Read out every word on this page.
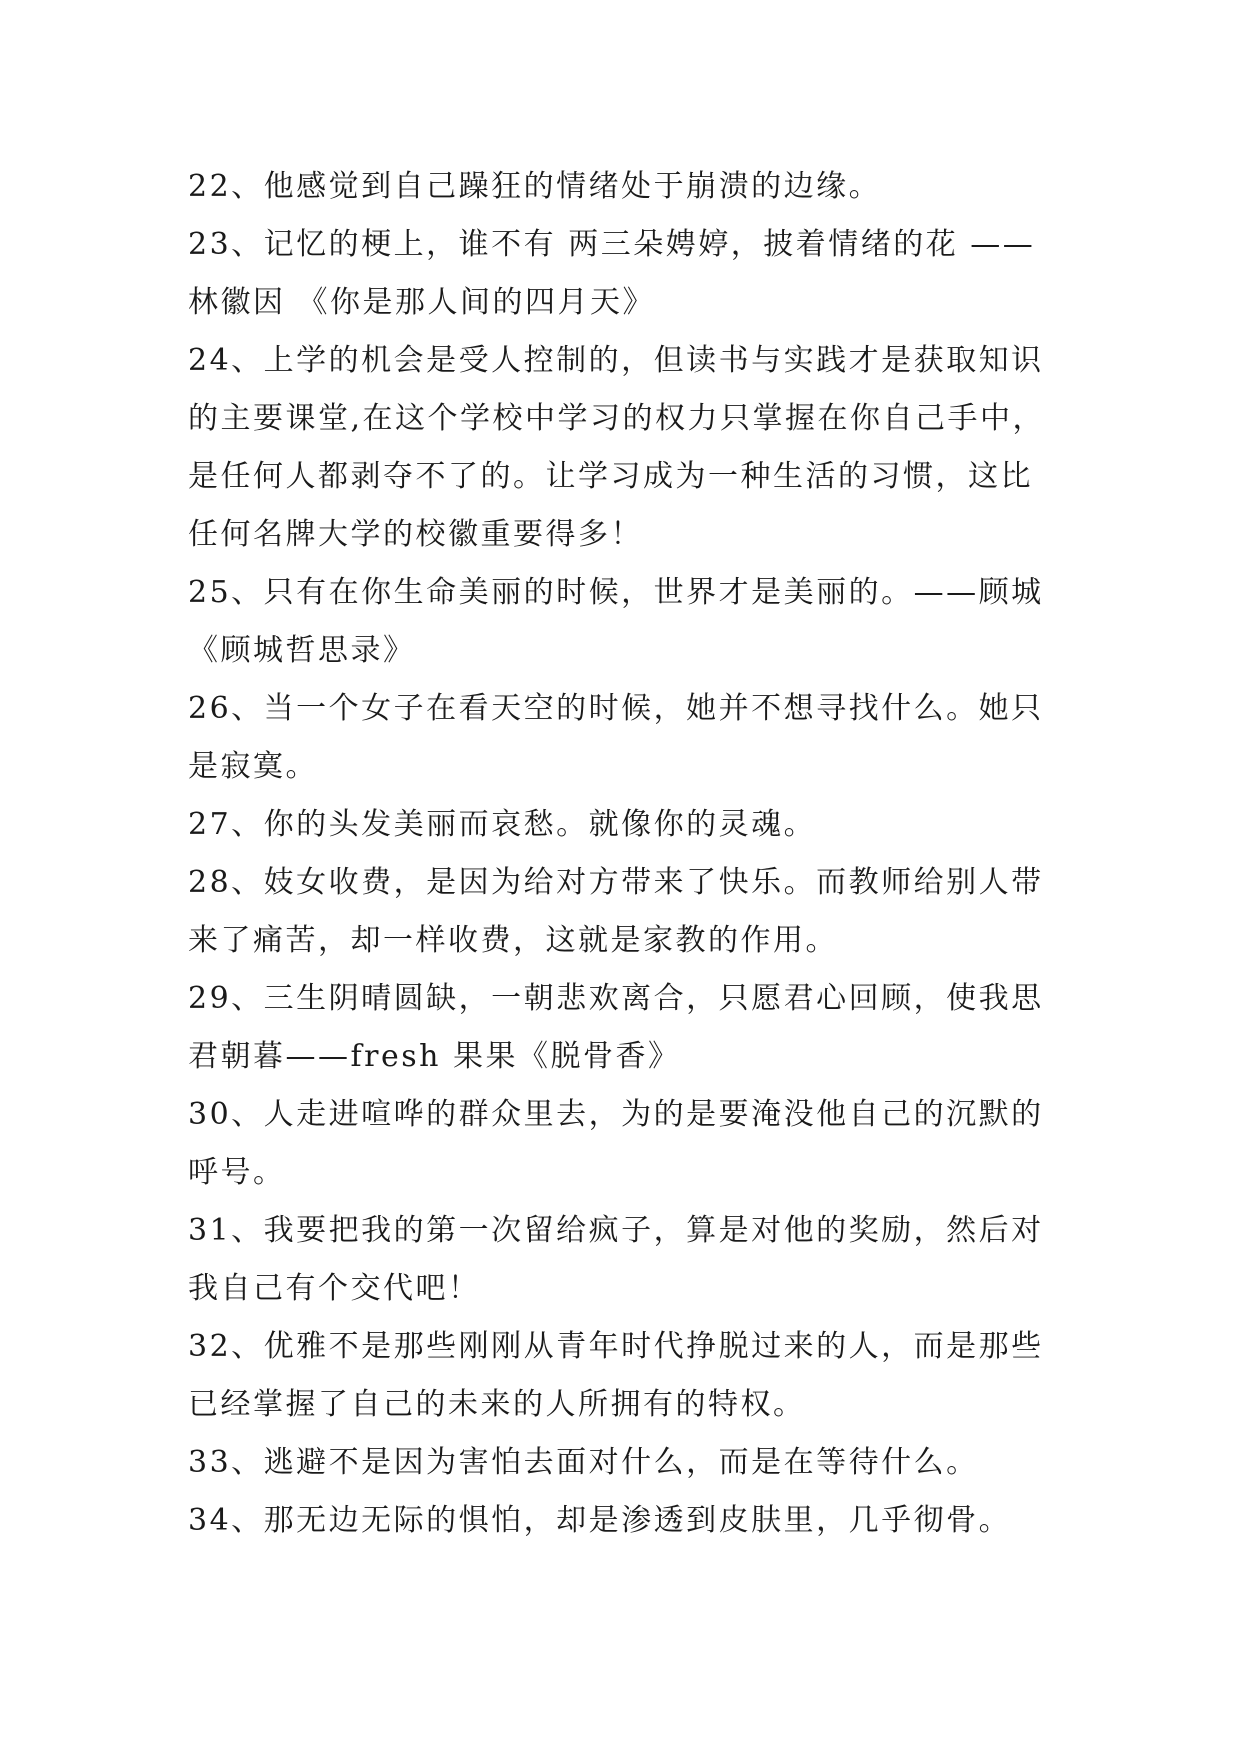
22、他感觉到自己躁狂的情绪处于崩溃的边缘。
23、记忆的梗上，谁不有 两三朵娉婷，披着情绪的花 ——
林徽因 《你是那人间的四月天》
24、上学的机会是受人控制的，但读书与实践才是获取知识
的主要课堂,在这个学校中学习的权力只掌握在你自己手中，
是任何人都剥夺不了的。让学习成为一种生活的习惯，这比
任何名牌大学的校徽重要得多！
25、只有在你生命美丽的时候，世界才是美丽的。——顾城
《顾城哲思录》
26、当一个女子在看天空的时候，她并不想寻找什么。她只
是寂寞。
27、你的头发美丽而哀愁。就像你的灵魂。
28、妓女收费，是因为给对方带来了快乐。而教师给别人带
来了痛苦，却一样收费，这就是家教的作用。
29、三生阴晴圆缺，一朝悲欢离合，只愿君心回顾，使我思
君朝暮——fresh 果果《脱骨香》
30、人走进喧哗的群众里去，为的是要淹没他自己的沉默的
呼号。
31、我要把我的第一次留给疯子，算是对他的奖励，然后对
我自己有个交代吧！
32、优雅不是那些刚刚从青年时代挣脱过来的人，而是那些
已经掌握了自己的未来的人所拥有的特权。
33、逃避不是因为害怕去面对什么，而是在等待什么。
34、那无边无际的惧怕，却是渗透到皮肤里，几乎彻骨。
